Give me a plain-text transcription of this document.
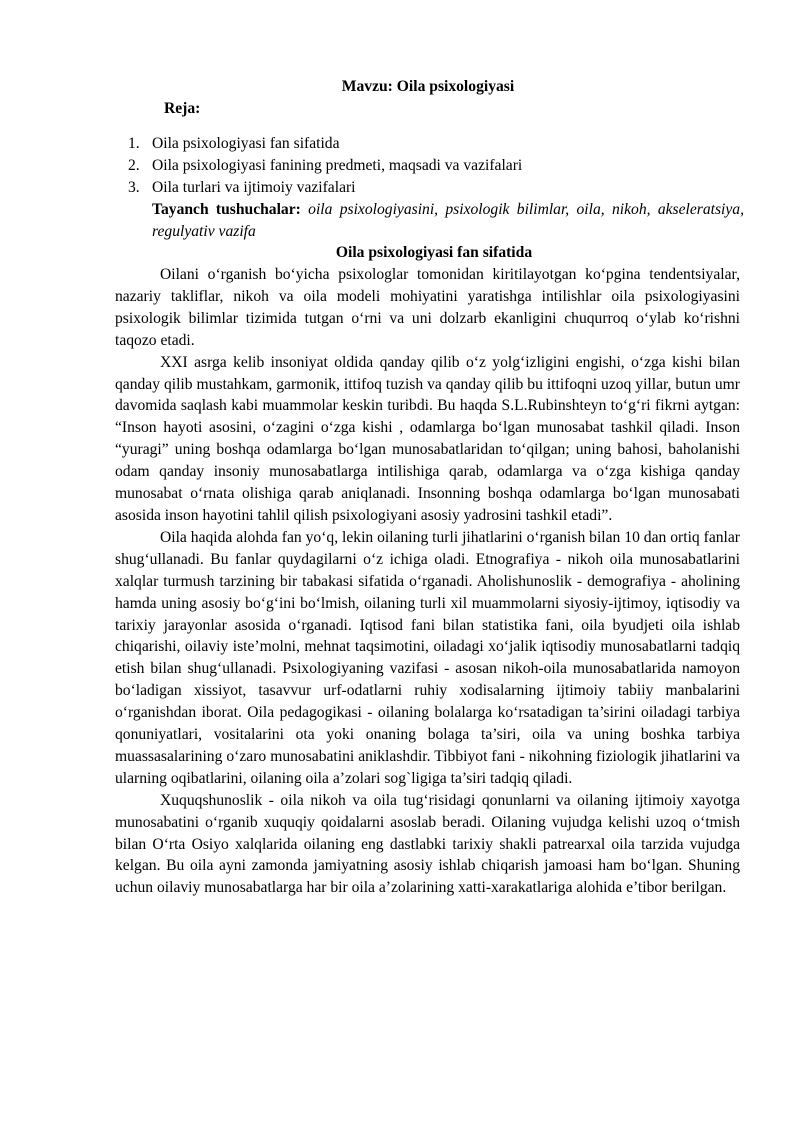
Mavzu: Oila psixologiyasi
Reja:
1. Oila psixologiyasi fan sifatida
2. Oila psixologiyasi fanining predmeti, maqsadi va vazifalari
3. Oila turlari va ijtimoiy vazifalari
Tayanch tushuchalar: oila psixologiyasini, psixologik bilimlar, oila, nikoh, akseleratsiya, regulyativ vazifa
Oila psixologiyasi fan sifatida

Oilani o‘rganish bo‘yicha psixologlar tomonidan kiritilayotgan ko‘pgina tendentsiyalar, nazariy takliflar, nikoh va oila modeli mohiyatini yaratishga intilishlar oila psixologiyasini psixologik bilimlar tizimida tutgan o‘rni va uni dolzarb ekanligini chuqurroq o‘ylab ko‘rishni taqozo etadi.

XXI asrga kelib insoniyat oldida qanday qilib o‘z yolg‘izligini engishi, o‘zga kishi bilan qanday qilib mustahkam, garmonik, ittifoq tuzish va qanday qilib bu ittifoqni uzoq yillar, butun umr davomida saqlash kabi muammolar keskin turibdi. Bu haqda S.L.Rubinshteyn to‘g‘ri fikrni aytgan: “Inson hayoti asosini, o‘zagini o‘zga kishi , odamlarga bo‘lgan munosabat tashkil qiladi. Inson “yuragi” uning boshqa odamlarga bo‘lgan munosabatlaridan to‘qilgan; uning bahosi, baholanishi odam qanday insoniy munosabatlarga intilishiga qarab, odamlarga va o‘zga kishiga qanday munosabat o‘rnata olishiga qarab aniqlanadi. Insonning boshqa odamlarga bo‘lgan munosabati asosida inson hayotini tahlil qilish psixologiyani asosiy yadrosini tashkil etadi”.

Oila haqida alohda fan yo‘q, lekin oilaning turli jihatlarini o‘rganish bilan 10 dan ortiq fanlar shug‘ullanadi. Bu fanlar quydagilarni o‘z ichiga oladi. Etnografiya - nikoh oila munosabatlarini xalqlar turmush tarzining bir tabakasi sifatida o‘rganadi. Aholishunoslik - demografiya - aholining hamda uning asosiy bo‘g‘ini bo‘lmish, oilaning turli xil muammolarni siyosiy-ijtimoy, iqtisodiy va tarixiy jarayonlar asosida o‘rganadi. Iqtisod fani bilan statistika fani, oila byudjeti oila ishlab chiqarishi, oilaviy iste’molni, mehnat taqsimotini, oiladagi xo‘jalik iqtisodiy munosabatlarni tadqiq etish bilan shug‘ullanadi. Psixologiyaning vazifasi - asosan nikoh-oila munosabatlarida namoyon bo‘ladigan xissiyot, tasavvur urf-odatlarni ruhiy xodisalarning ijtimoiy tabiiy manbalarini o‘rganishdan iborat. Oila pedagogikasi - oilaning bolalarga ko‘rsatadigan ta’sirini oiladagi tarbiya qonuniyatlari, vositalarini ota yoki onaning bolaga ta’siri, oila va uning boshka tarbiya muassasalarining o‘zaro munosabatini aniklashdir. Tibbiyot fani - nikohning fiziologik jihatlarini va ularning oqibatlarini, oilaning oila a’zolari sog`ligiga ta’siri tadqiq qiladi.

Xuquqshunoslik - oila nikoh va oila tug‘risidagi qonunlarni va oilaning ijtimoiy xayotga munosabatini o‘rganib xuquqiy qoidalarni asoslab beradi. Oilaning vujudga kelishi uzoq o‘tmish bilan O‘rta Osiyo xalqlarida oilaning eng dastlabki tarixiy shakli patrearxal oila tarzida vujudga kelgan. Bu oila ayni zamonda jamiyatning asosiy ishlab chiqarish jamoasi ham bo‘lgan. Shuning uchun oilaviy munosabatlarga har bir oila a’zolarining xatti-xarakatlariga alohida e’tibor berilgan.
